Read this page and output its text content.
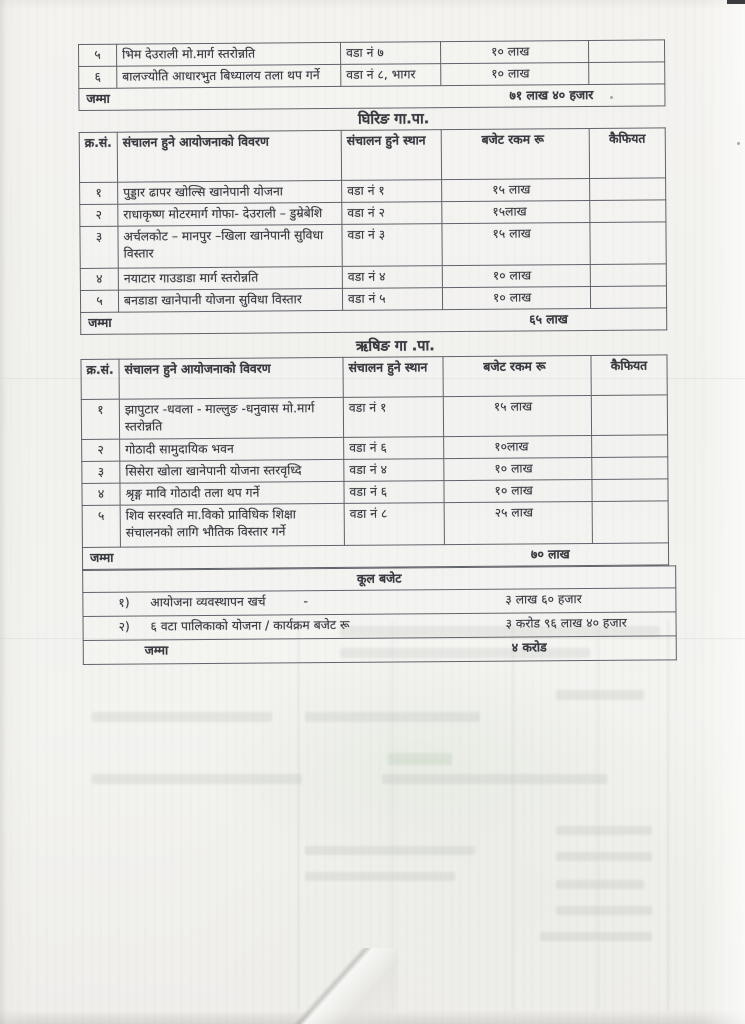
५	भिम देउराली मो.मार्ग स्तरोन्नति	वडा नं ७	१० लाख	
६	बालज्योति आधारभुत बिध्यालय तला थप गर्ने	वडा नं ८, भागर	१० लाख	
जम्मा ७१ लाख ४० हजार				
घिरिङ गा.पा.
क्र.सं.	संचालन हुने आयोजनाको विवरण	संचालन हुने स्थान	बजेट रकम रू	कैफियत
१	पुड्डार ढापर खोल्सि खानेपानी योजना	वडा नं १	१५ लाख	
२	राधाकृष्ण मोटरमार्ग गोफा- देउराली – डुम्रेबेशि	वडा नं २	१५लाख	
३	अर्चलकोट – मानपुर –खिला खानेपानी सुविधा विस्तार	वडा नं ३	१५ लाख	
४	नयाटार गाउडाडा मार्ग स्तरोन्नति	वडा नं ४	१० लाख	
५	बनडाडा खानेपानी योजना सुविधा विस्तार	वडा नं ५	१० लाख	
जम्मा ६५ लाख				
ऋषिङ गा .पा.
क्र.सं.	संचालन हुने आयोजनाको विवरण	संचालन हुने स्थान	बजेट रकम रू	कैफियत
१	झापुटार -धवला - माल्लुङ -धनुवास मो.मार्ग स्तरोन्नति	वडा नं १	१५ लाख	
२	गोठादी सामुदायिक भवन	वडा नं ६	१०लाख	
३	सिसेरा खोला खानेपानी योजना स्तरवृध्दि	वडा नं ४	१० लाख	
४	श्रृङ्ग मावि गोठादी तला थप गर्ने	वडा नं ६	१० लाख	
५	शिव सरस्वति मा.विको प्राविधिक शिक्षा संचालनको लागि भौतिक विस्तार गर्ने	वडा नं ८	२५ लाख	
जम्मा ७० लाख				
कूल बजेट
१) आयोजना व्यवस्थापन खर्च	-	३ लाख ६० हजार

२) ६ वटा पालिकाको योजना / कार्यक्रम बजेट रू	३ करोड ९६ लाख ४० हजार

जम्मा	४ करोड
